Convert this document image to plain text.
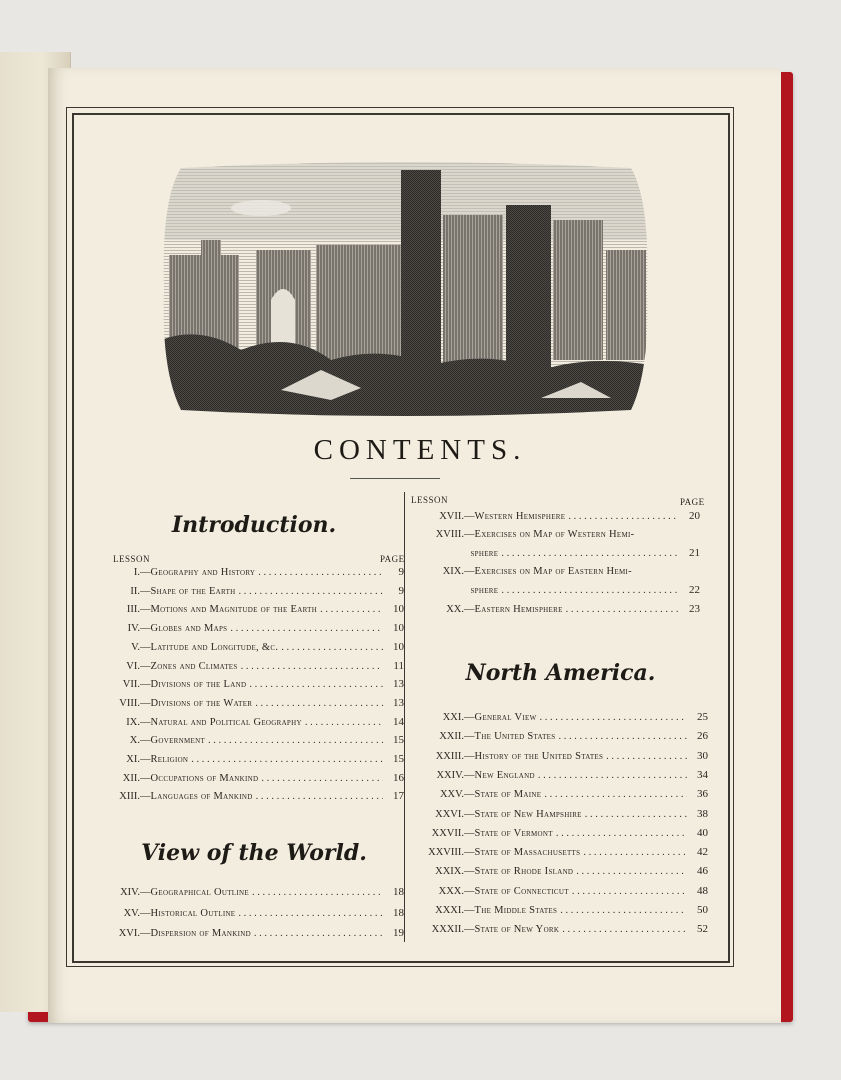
CONTENTS.
Introduction.
LESSON	PAGE
I. — Geography and History . . .	9
II. — Shape of the Earth . . .	9
III. — Motions and Magnitude of the Earth . . .	10
IV. — Globes and Maps . . .	10
V. — Latitude and Longitude, &c. . . .	10
VI. — Zones and Climates . . .	11
VII. — Divisions of the Land . . .	13
VIII. — Divisions of the Water . . .	13
IX. — Natural and Political Geography . . .	14
X. — Government . . .	15
XI. — Religion . . .	15
XII. — Occupations of Mankind . . .	16
XIII. — Languages of Mankind . . .	17
View of the World.
XIV. — Geographical Outline . . .	18
XV. — Historical Outline . . .	18
XVI. — Dispersion of Mankind . . .	19
LESSON	PAGE
XVII. — Western Hemisphere . . .	20
XVIII. — Exercises on Map of Western Hemi-
sphere . . .	21
XIX. — Exercises on Map of Eastern Hemi-
sphere . . .	22
XX. — Eastern Hemisphere . . .	23
North America.
XXI. — General View . . .	25
XXII. — The United States . . .	26
XXIII. — History of the United States . . .	30
XXIV. — New England . . .	34
XXV. — State of Maine . . .	36
XXVI. — State of New Hampshire . . .	38
XXVII. — State of Vermont . . .	40
XXVIII. — State of Massachusetts . . .	42
XXIX. — State of Rhode Island . . .	46
XXX. — State of Connecticut . . .	48
XXXI. — The Middle States . . .	50
XXXII. — State of New York . . .	52
